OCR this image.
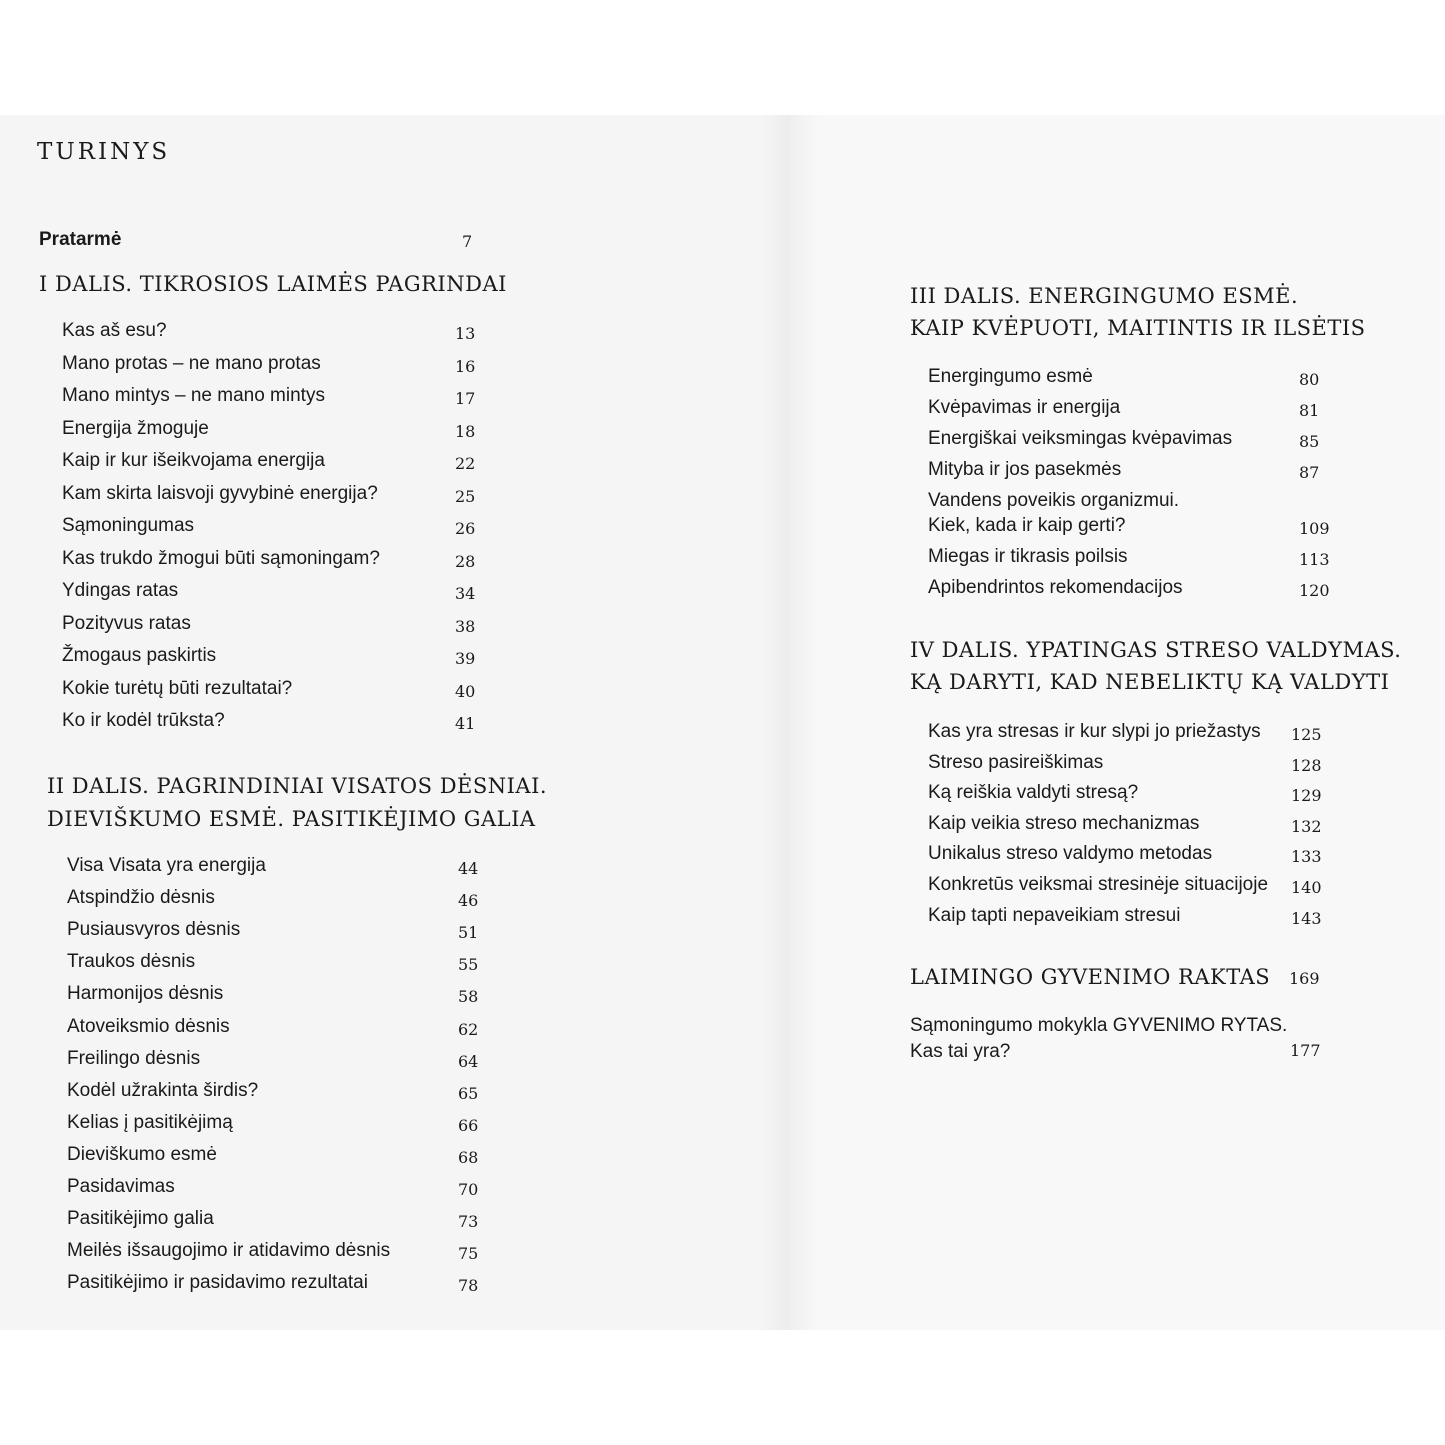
TURINYS
Pratarmė	7
I DALIS. TIKROSIOS LAIMĖS PAGRINDAI
Kas aš esu?	13
Mano protas – ne mano protas	16
Mano mintys – ne mano mintys	17
Energija žmoguje	18
Kaip ir kur išeikvojama energija	22
Kam skirta laisvoji gyvybinė energija?	25
Sąmoningumas	26
Kas trukdo žmogui būti sąmoningam?	28
Ydingas ratas	34
Pozityvus ratas	38
Žmogaus paskirtis	39
Kokie turėtų būti rezultatai?	40
Ko ir kodėl trūksta?	41
II DALIS. PAGRINDINIAI VISATOS DĖSNIAI.
DIEVIŠKUMO ESMĖ. PASITIKĖJIMO GALIA
Visa Visata yra energija	44
Atspindžio dėsnis	46
Pusiausvyros dėsnis	51
Traukos dėsnis	55
Harmonijos dėsnis	58
Atoveiksmio dėsnis	62
Freilingo dėsnis	64
Kodėl užrakinta širdis?	65
Kelias į pasitikėjimą	66
Dieviškumo esmė	68
Pasidavimas	70
Pasitikėjimo galia	73
Meilės išsaugojimo ir atidavimo dėsnis	75
Pasitikėjimo ir pasidavimo rezultatai	78
III DALIS. ENERGINGUMO ESMĖ.
KAIP KVĖPUOTI, MAITINTIS IR ILSĖTIS
Energingumo esmė	80
Kvėpavimas ir energija	81
Energiškai veiksmingas kvėpavimas	85
Mityba ir jos pasekmės	87
Vandens poveikis organizmui.
Kiek, kada ir kaip gerti?	109
Miegas ir tikrasis poilsis	113
Apibendrintos rekomendacijos	120
IV DALIS. YPATINGAS STRESO VALDYMAS.
KĄ DARYTI, KAD NEBELIKTŲ KĄ VALDYTI
Kas yra stresas ir kur slypi jo priežastys 125
Streso pasireiškimas	128
Ką reiškia valdyti stresą?	129
Kaip veikia streso mechanizmas	132
Unikalus streso valdymo metodas	133
Konkretūs veiksmai stresinėje situacijoje 140
Kaip tapti nepaveikiam stresui	143
LAIMINGO GYVENIMO RAKTAS 169
Sąmoningumo mokykla GYVENIMO RYTAS.
Kas tai yra?	177
